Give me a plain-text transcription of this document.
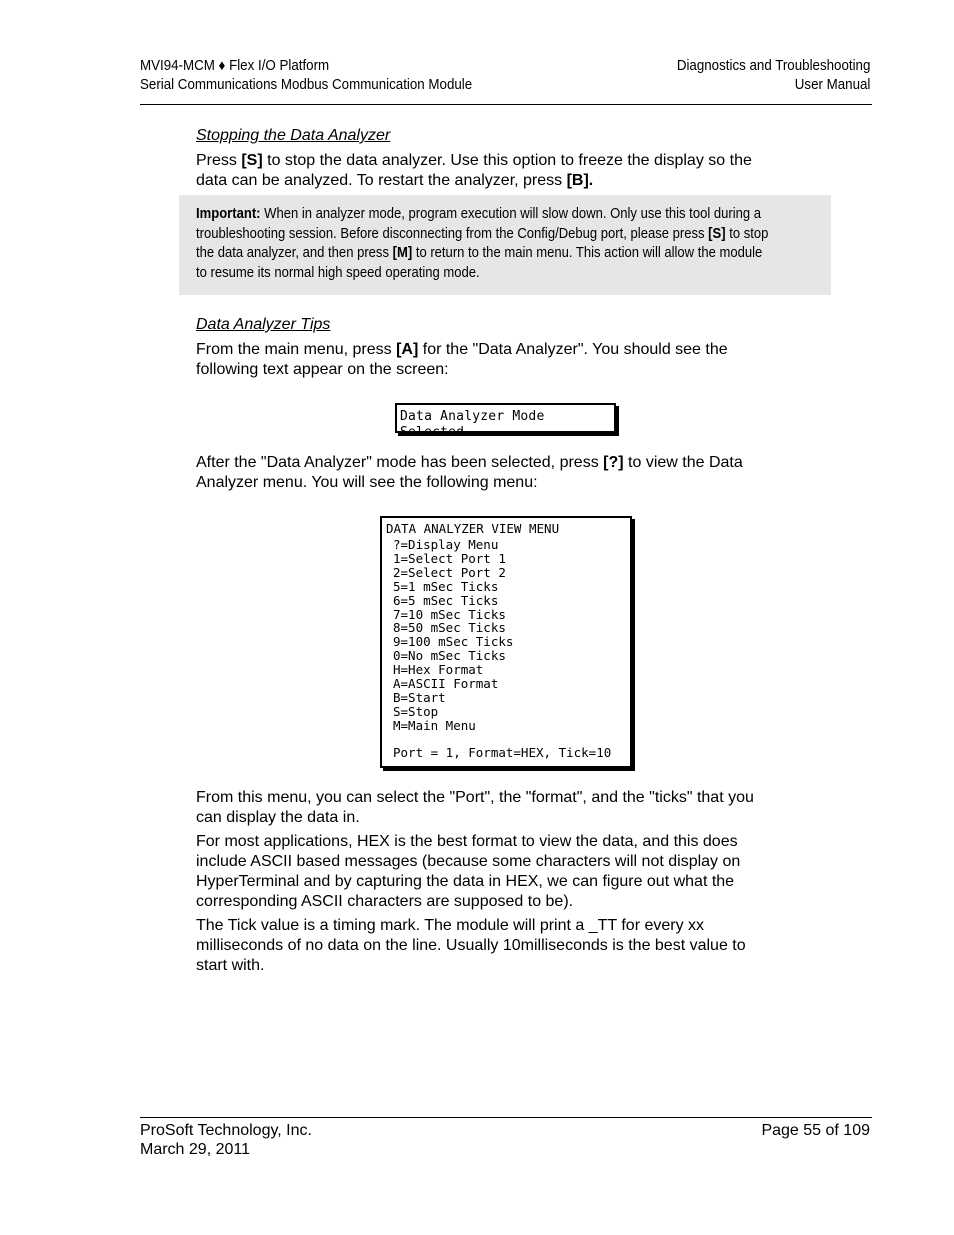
MVI94-MCM ♦ Flex I/O Platform
Serial Communications Modbus Communication Module
Diagnostics and Troubleshooting
User Manual

Stopping the Data Analyzer

Press [S] to stop the data analyzer. Use this option to freeze the display so the
data can be analyzed. To restart the analyzer, press [B].

Important: When in analyzer mode, program execution will slow down. Only use this tool during a
troubleshooting session. Before disconnecting from the Config/Debug port, please press [S] to stop
the data analyzer, and then press [M] to return to the main menu. This action will allow the module
to resume its normal high speed operating mode.

Data Analyzer Tips

From the main menu, press [A] for the "Data Analyzer". You should see the
following text appear on the screen:

Data Analyzer Mode Selected

After the "Data Analyzer" mode has been selected, press [?] to view the Data
Analyzer menu. You will see the following menu:

DATA ANALYZER VIEW MENU
?=Display Menu
1=Select Port 1
2=Select Port 2
5=1 mSec Ticks
6=5 mSec Ticks
7=10 mSec Ticks
8=50 mSec Ticks
9=100 mSec Ticks
0=No mSec Ticks
H=Hex Format
A=ASCII Format
B=Start
S=Stop
M=Main Menu
Port = 1, Format=HEX, Tick=10

From this menu, you can select the "Port", the "format", and the "ticks" that you
can display the data in.

For most applications, HEX is the best format to view the data, and this does
include ASCII based messages (because some characters will not display on
HyperTerminal and by capturing the data in HEX, we can figure out what the
corresponding ASCII characters are supposed to be).

The Tick value is a timing mark. The module will print a _TT for every xx
milliseconds of no data on the line. Usually 10milliseconds is the best value to
start with.

ProSoft Technology, Inc.
March 29, 2011
Page 55 of 109
